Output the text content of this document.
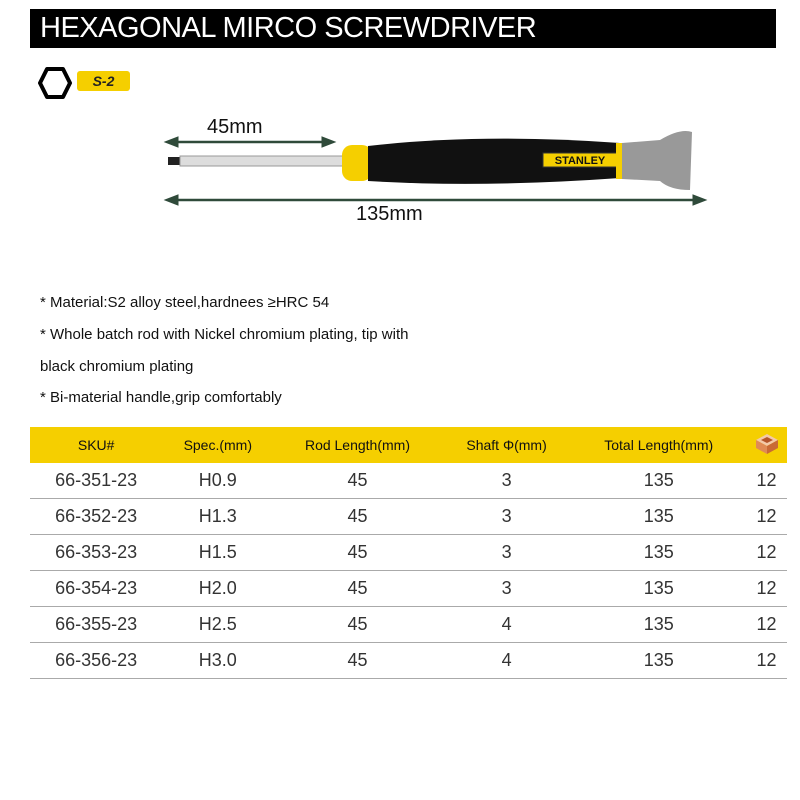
HEXAGONAL MIRCO SCREWDRIVER
S-2
45mm
135mm
STANLEY
* Material:S2 alloy steel,hardnees ≥HRC 54
* Whole batch rod with Nickel chromium plating, tip with
black chromium plating
* Bi-material handle,grip comfortably
SKU#	Spec.(mm)	Rod Length(mm)	Shaft Φ(mm)	Total Length(mm)	
66-351-23	H0.9	45	3	135	12
66-352-23	H1.3	45	3	135	12
66-353-23	H1.5	45	3	135	12
66-354-23	H2.0	45	3	135	12
66-355-23	H2.5	45	4	135	12
66-356-23	H3.0	45	4	135	12
